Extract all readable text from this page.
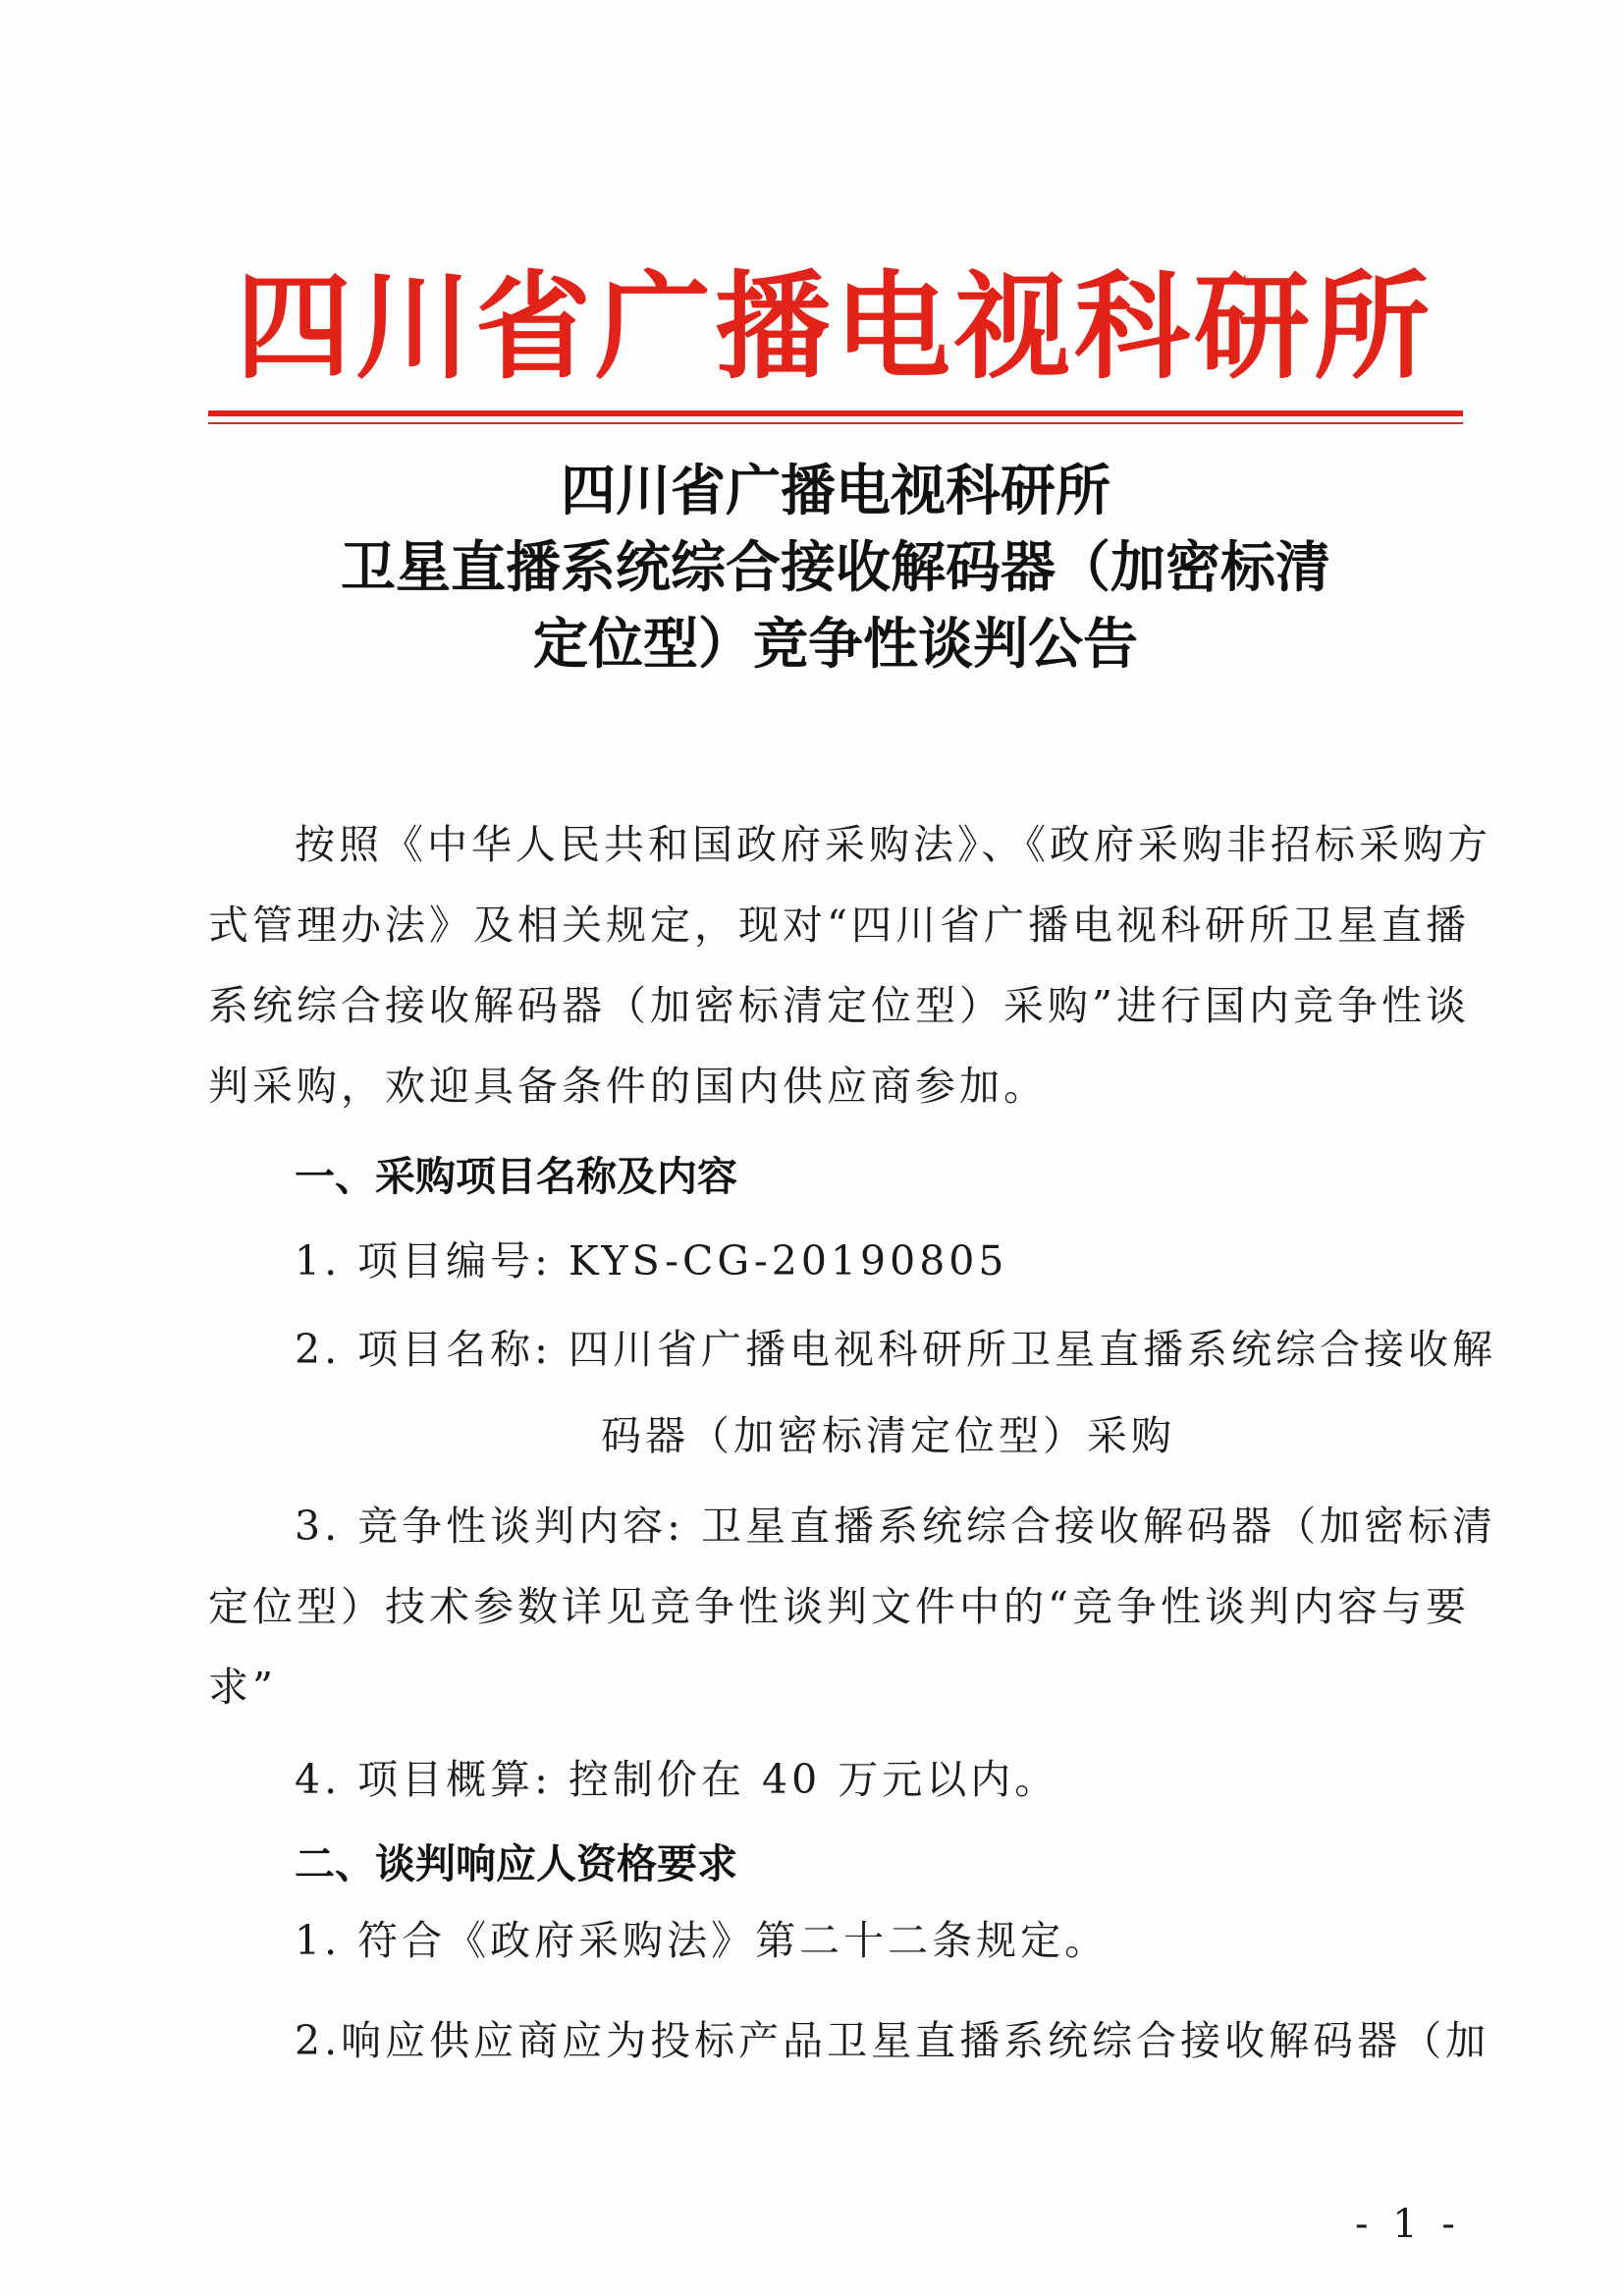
四川省广播电视科研所
四川省广播电视科研所
卫星直播系统综合接收解码器（加密标清
定位型）竞争性谈判公告
按照《中华人民共和国政府采购法》、《政府采购非招标采购方
式管理办法》及相关规定，现对“四川省广播电视科研所卫星直播
系统综合接收解码器（加密标清定位型）采购”进行国内竞争性谈
判采购，欢迎具备条件的国内供应商参加。
一、采购项目名称及内容
1. 项目编号: KYS-CG-20190805
2. 项目名称: 四川省广播电视科研所卫星直播系统综合接收解
码器（加密标清定位型）采购
3. 竞争性谈判内容: 卫星直播系统综合接收解码器（加密标清
定位型）技术参数详见竞争性谈判文件中的“竞争性谈判内容与要
求”
4. 项目概算: 控制价在 40 万元以内。
二、谈判响应人资格要求
1. 符合《政府采购法》第二十二条规定。
2.响应供应商应为投标产品卫星直播系统综合接收解码器（加
- 1 -
